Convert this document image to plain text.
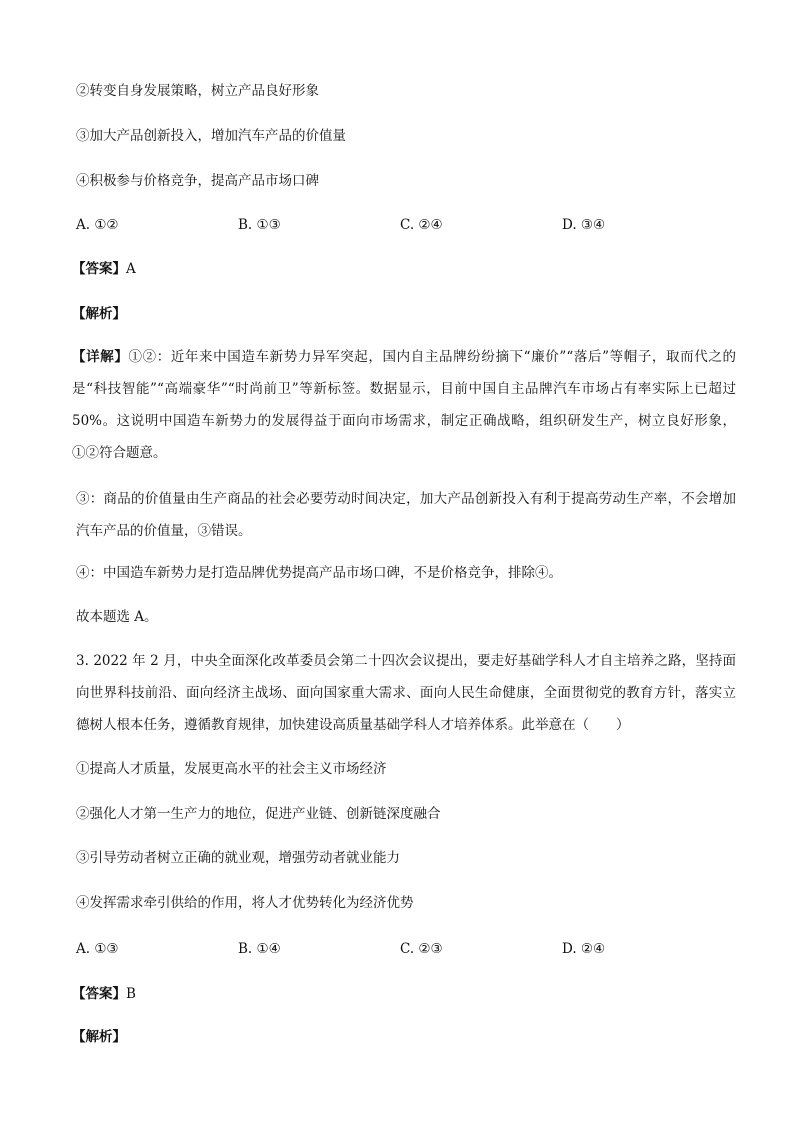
②转变自身发展策略，树立产品良好形象
③加大产品创新投入，增加汽车产品的价值量
④积极参与价格竞争，提高产品市场口碑
A. ①②	B. ①③	C. ②④	D. ③④
【答案】A
【解析】
【详解】①②：近年来中国造车新势力异军突起，国内自主品牌纷纷摘下“廉价”“落后”等帽子，取而代之的是“科技智能”“高端豪华”“时尚前卫”等新标签。数据显示，目前中国自主品牌汽车市场占有率实际上已超过 50%。这说明中国造车新势力的发展得益于面向市场需求，制定正确战略，组织研发生产，树立良好形象，①②符合题意。
③：商品的价值量由生产商品的社会必要劳动时间决定，加大产品创新投入有利于提高劳动生产率，不会增加汽车产品的价值量，③错误。
④：中国造车新势力是打造品牌优势提高产品市场口碑，不是价格竞争，排除④。
故本题选 A。
3. 2022 年 2 月，中央全面深化改革委员会第二十四次会议提出，要走好基础学科人才自主培养之路，坚持面向世界科技前沿、面向经济主战场、面向国家重大需求、面向人民生命健康，全面贯彻党的教育方针，落实立德树人根本任务，遵循教育规律，加快建设高质量基础学科人才培养体系。此举意在（　　）
①提高人才质量，发展更高水平的社会主义市场经济
②强化人才第一生产力的地位，促进产业链、创新链深度融合
③引导劳动者树立正确的就业观，增强劳动者就业能力
④发挥需求牵引供给的作用，将人才优势转化为经济优势
A. ①③	B. ①④	C. ②③	D. ②④
【答案】B
【解析】
